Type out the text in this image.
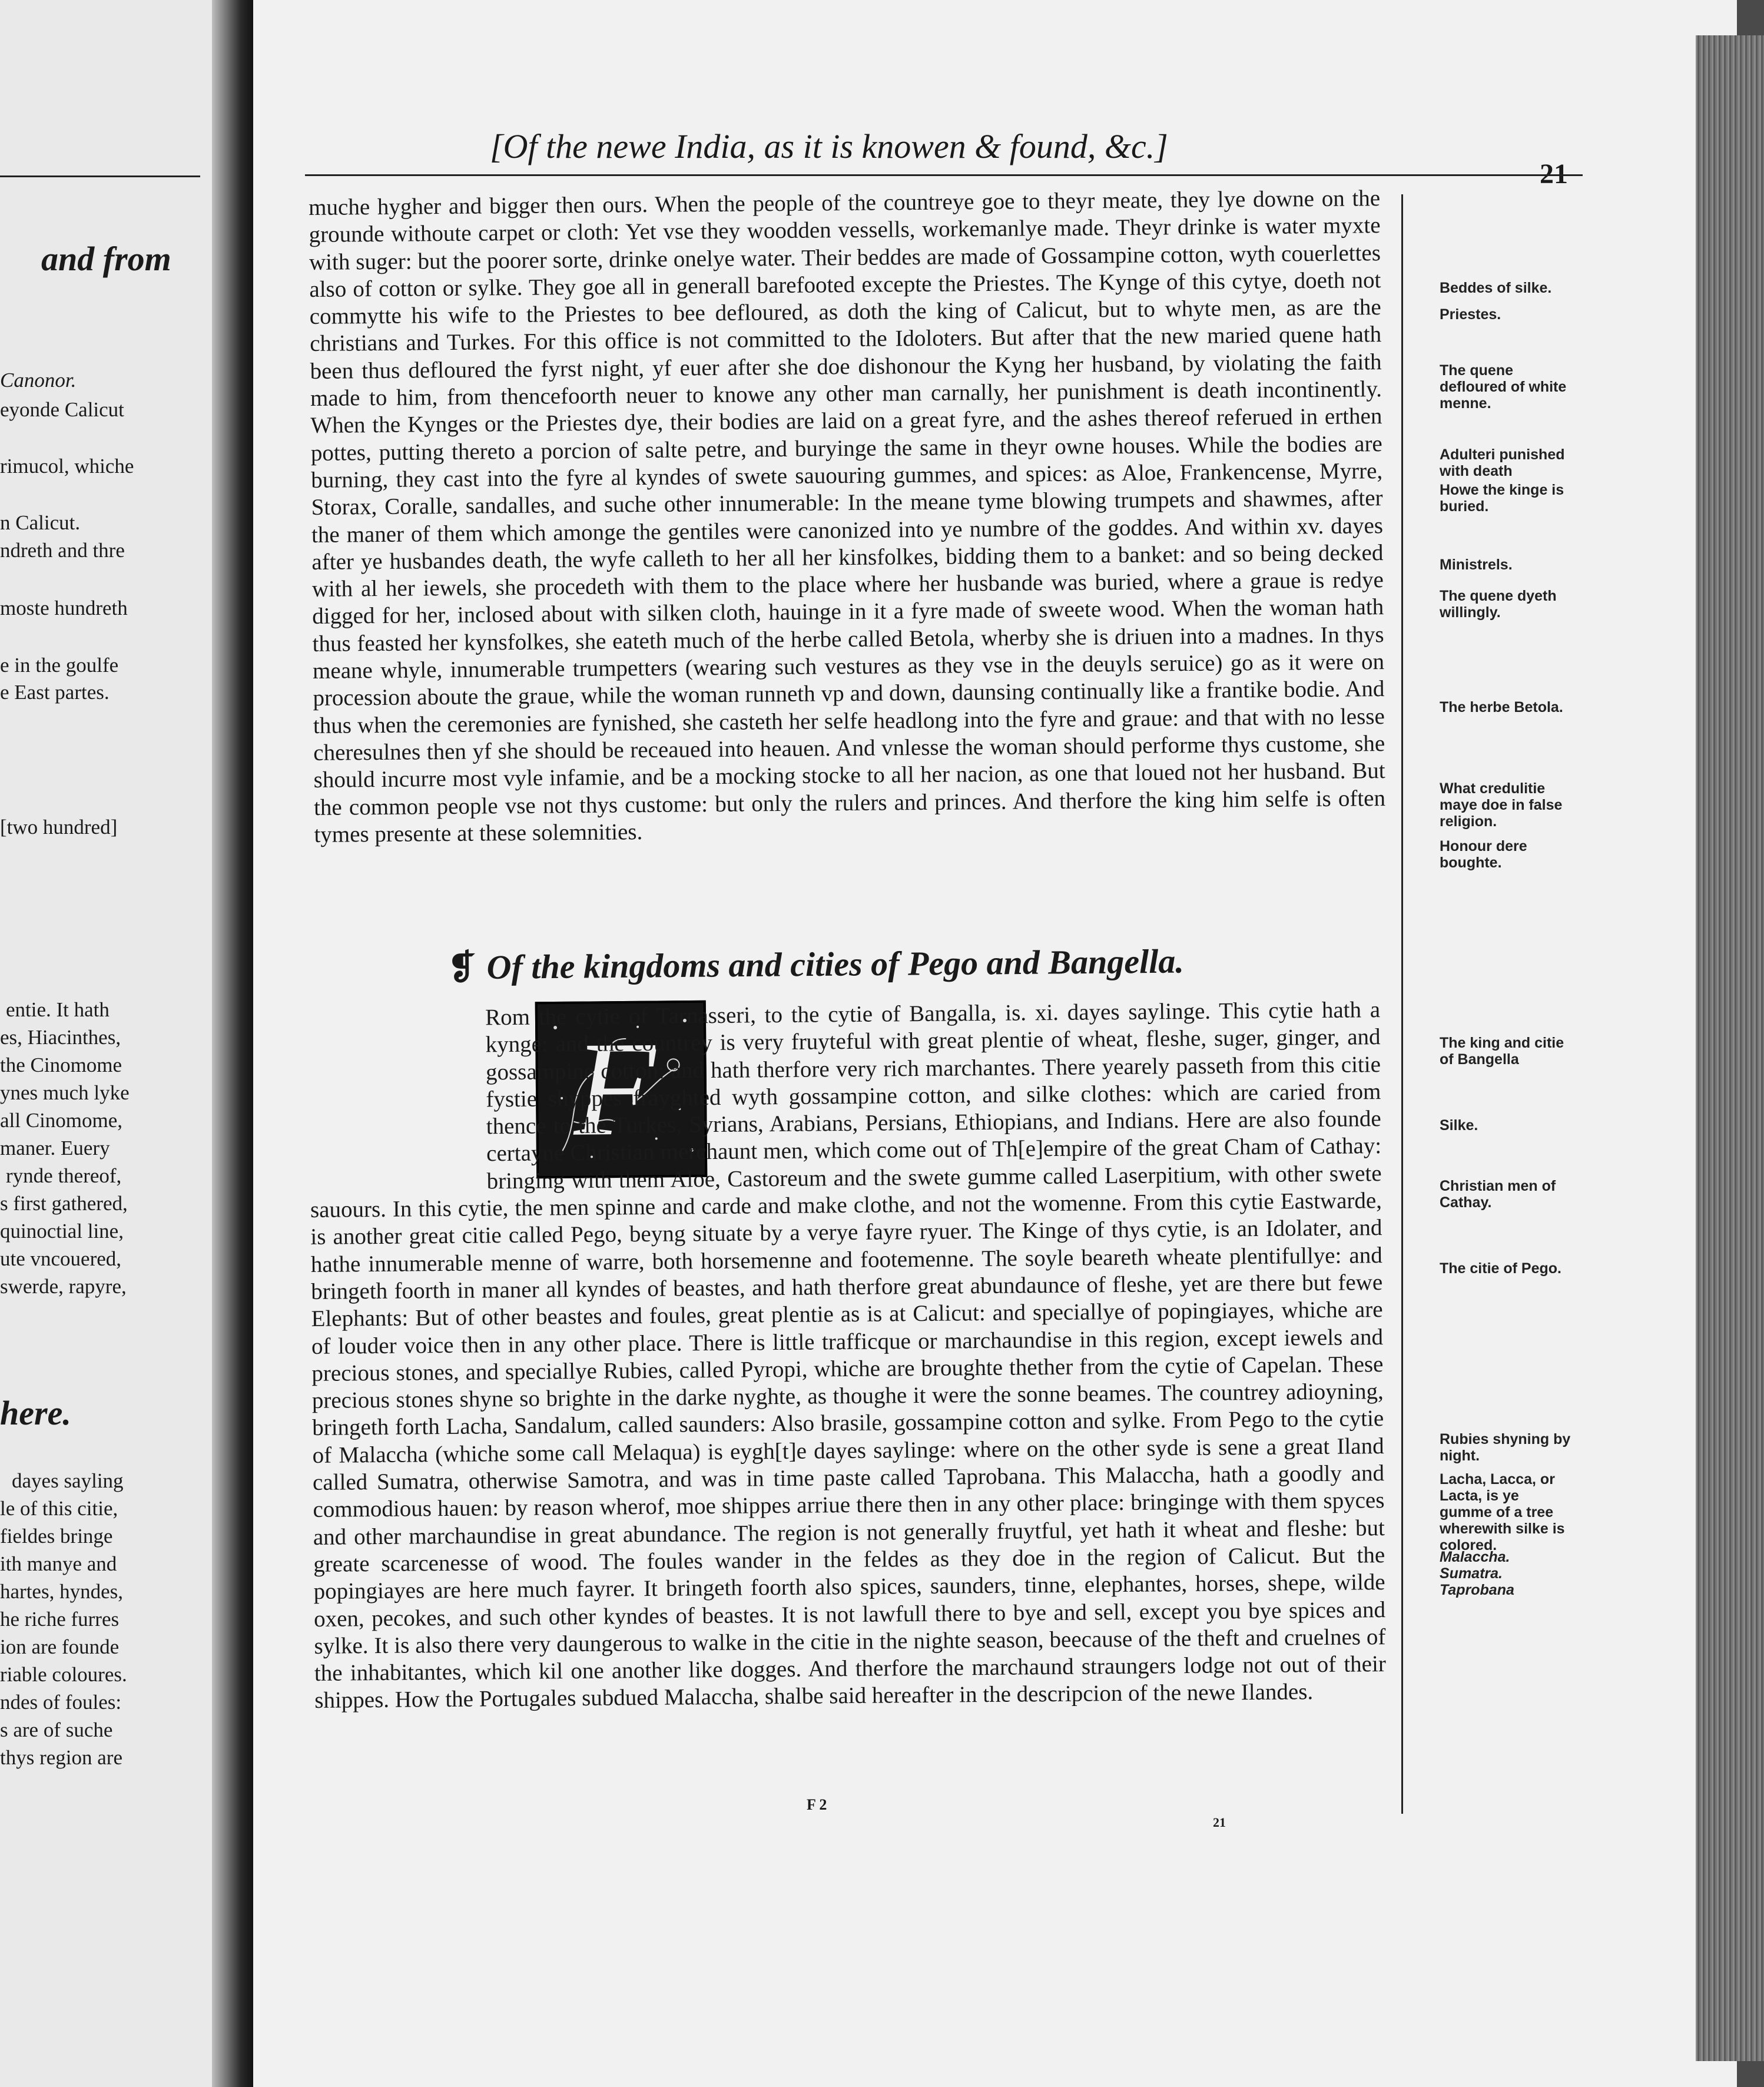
and from
Canonor.
eyonde Calicut
rimucol, whiche
n Calicut.
ndreth and thre
moste hundreth
e in the goulfe
e East partes.
[two hundred]
entie. It hath
es, Hiacinthes,
the Cinomome
ynes much lyke
all Cinomome,
maner. Euery
rynde thereof,
s first gathered,
quinoctial line,
ute vncouered,
swerde, rapyre,
here.
dayes sayling
le of this citie,
fieldes bringe
ith manye and
hartes, hyndes,
he riche furres
ion are founde
riable coloures.
ndes of foules:
s are of suche
thys region are
[Of the newe India, as it is knowen & found, &c.]
21
muche hygher and bigger then ours. When the people of the countreye goe to theyr meate, they lye downe on the grounde withoute carpet or cloth: Yet vse they woodden vessells, workemanlye made. Theyr drinke is water myxte with suger: but the poorer sorte, drinke onelye water. Their beddes are made of Gossampine cotton, wyth couerlettes also of cotton or sylke. They goe all in generall barefooted excepte the Priestes. The Kynge of this cytye, doeth not commytte his wife to the Priestes to bee defloured, as doth the king of Calicut, but to whyte men, as are the christians and Turkes. For this office is not committed to the Idoloters. But after that the new maried quene hath been thus defloured the fyrst night, yf euer after she doe dishonour the Kyng her husband, by violating the faith made to him, from thencefoorth neuer to knowe any other man carnally, her punishment is death incontinently. When the Kynges or the Priestes dye, their bodies are laid on a great fyre, and the ashes thereof referued in erthen pottes, putting thereto a porcion of salte petre, and buryinge the same in theyr owne houses. While the bodies are burning, they cast into the fyre al kyndes of swete sauouring gummes, and spices: as Aloe, Frankencense, Myrre, Storax, Coralle, sandalles, and suche other innumerable: In the meane tyme blowing trumpets and shawmes, after the maner of them which amonge the gentiles were canonized into ye numbre of the goddes. And within xv. dayes after ye husbandes death, the wyfe calleth to her all her kinsfolkes, bidding them to a banket: and so being decked with al her iewels, she procedeth with them to the place where her husbande was buried, where a graue is redye digged for her, inclosed about with silken cloth, hauinge in it a fyre made of sweete wood. When the woman hath thus feasted her kynsfolkes, she eateth much of the herbe called Betola, wherby she is driuen into a madnes. In thys meane whyle, innumerable trumpetters (wearing such vestures as they vse in the deuyls seruice) go as it were on procession aboute the graue, while the woman runneth vp and down, daunsing continually like a frantike bodie. And thus when the ceremonies are fynished, she casteth her selfe headlong into the fyre and graue: and that with no lesse cheresulnes then yf she should be receaued into heauen. And vnlesse the woman should performe thys custome, she should incurre most vyle infamie, and be a mocking stocke to all her nacion, as one that loued not her husband. But the common people vse not thys custome: but only the rulers and princes. And therfore the king him selfe is often tymes presente at these solemnities.
❡ Of the kingdoms and cities of Pego and Bangella.
F
Rom the cytie of Tarnasseri, to the cytie of Bangalla, is. xi. dayes saylinge. This cytie hath a kynge: and the countrey is very fruyteful with great plentie of wheat, fleshe, suger, ginger, and gossampine cotton: and hath therfore very rich marchantes. There yearely passeth from this citie fystie shyppes frayghted wyth gossampine cotton, and silke clothes: which are caried from thence to the Turkes, Syrians, Arabians, Persians, Ethiopians, and Indians. Here are also founde certayne Christian merchaunt men, which come out of Th[e]empire of the great Cham of Cathay: bringing with them Aloe, Castoreum and the swete gumme called Laserpitium, with other swete sauours. In this cytie, the men spinne and carde and make clothe, and not the womenne. From this cytie Eastwarde, is another great citie called Pego, beyng situate by a verye fayre ryuer. The Kinge of thys cytie, is an Idolater, and hathe innumerable menne of warre, both horsemenne and footemenne. The soyle beareth wheate plentifullye: and bringeth foorth in maner all kyndes of beastes, and hath therfore great abundaunce of fleshe, yet are there but fewe Elephants: But of other beastes and foules, great plentie as is at Calicut: and speciallye of popingiayes, whiche are of louder voice then in any other place. There is little trafficque or marchaundise in this region, except iewels and precious stones, and speciallye Rubies, called Pyropi, whiche are broughte thether from the cytie of Capelan. These precious stones shyne so brighte in the darke nyghte, as thoughe it were the sonne beames. The countrey adioyning, bringeth forth Lacha, Sandalum, called saunders: Also brasile, gossampine cotton and sylke. From Pego to the cytie of Malaccha (whiche some call Melaqua) is eygh[t]e dayes saylinge: where on the other syde is sene a great Iland called Sumatra, otherwise Samotra, and was in time paste called Taprobana. This Malaccha, hath a goodly and commodious hauen: by reason wherof, moe shippes arriue there then in any other place: bringinge with them spyces and other marchaundise in great abundance. The region is not generally fruytful, yet hath it wheat and fleshe: but greate scarcenesse of wood. The foules wander in the feldes as they doe in the region of Calicut. But the popingiayes are here much fayrer. It bringeth foorth also spices, saunders, tinne, elephantes, horses, shepe, wilde oxen, pecokes, and such other kyndes of beastes. It is not lawfull there to bye and sell, except you bye spices and sylke. It is also there very daungerous to walke in the citie in the nighte season, beecause of the theft and cruelnes of the inhabitantes, which kil one another like dogges. And therfore the marchaund straungers lodge not out of their shippes. How the Portugales subdued Malaccha, shalbe said hereafter in the descripcion of the newe Ilandes.
Beddes of silke.
Priestes.
The quene defloured of white menne.
Adulteri punished with death
Howe the kinge is buried.
Ministrels.
The quene dyeth willingly.
The herbe Betola.
What credulitie maye doe in false religion.
Honour dere boughte.
The king and citie of Bangella
Silke.
Christian men of Cathay.
The citie of Pego.
Rubies shyning by night.
Lacha, Lacca, or Lacta, is ye gumme of a tree wherewith silke is colored.
Malaccha.
Sumatra.
Taprobana
F 2
21
